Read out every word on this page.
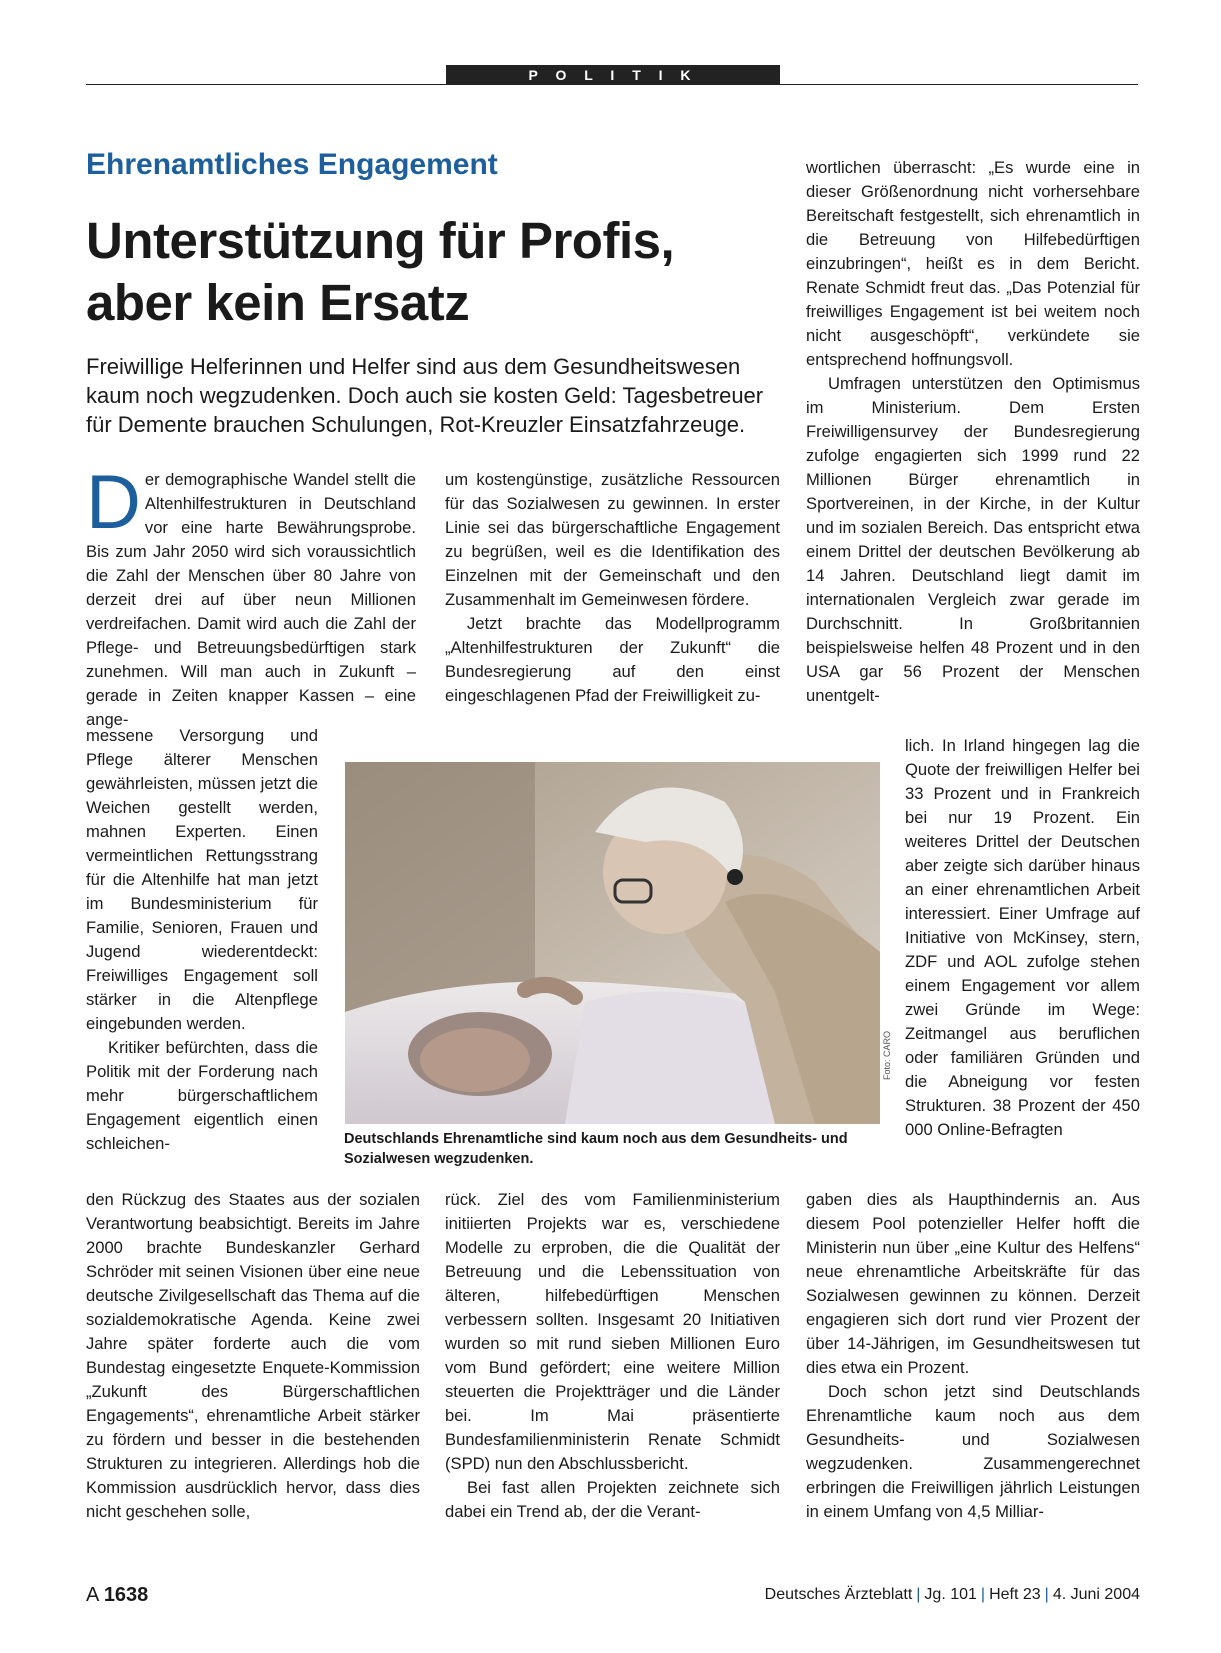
P O L I T I K
Ehrenamtliches Engagement
Unterstützung für Profis,
aber kein Ersatz
Freiwillige Helferinnen und Helfer sind aus dem Gesundheitswesen kaum noch wegzudenken. Doch auch sie kosten Geld: Tagesbetreuer für Demente brauchen Schulungen, Rot-Kreuzler Einsatzfahrzeuge.

Der demographische Wandel stellt die Altenhilfestrukturen in Deutschland vor eine harte Bewährungsprobe. Bis zum Jahr 2050 wird sich voraussichtlich die Zahl der Menschen über 80 Jahre von derzeit drei auf über neun Millionen verdreifachen. Damit wird auch die Zahl der Pflege- und Betreuungsbedürftigen stark zunehmen. Will man auch in Zukunft – gerade in Zeiten knapper Kassen – eine ange-

messene Versorgung und Pflege älterer Menschen gewährleisten, müssen jetzt die Weichen gestellt werden, mahnen Experten. Einen vermeintlichen Rettungsstrang für die Altenhilfe hat man jetzt im Bundesministerium für Familie, Senioren, Frauen und Jugend wiederentdeckt: Freiwilliges Engagement soll stärker in die Altenpflege eingebunden werden.

Kritiker befürchten, dass die Politik mit der Forderung nach mehr bürgerschaftlichem Engagement eigentlich einen schleichen-

den Rückzug des Staates aus der sozialen Verantwortung beabsichtigt. Bereits im Jahre 2000 brachte Bundeskanzler Gerhard Schröder mit seinen Visionen über eine neue deutsche Zivilgesellschaft das Thema auf die sozialdemokratische Agenda. Keine zwei Jahre später forderte auch die vom Bundestag eingesetzte Enquete-Kommission „Zukunft des Bürgerschaftlichen Engagements“, ehrenamtliche Arbeit stärker zu fördern und besser in die bestehenden Strukturen zu integrieren. Allerdings hob die Kommission ausdrücklich hervor, dass dies nicht geschehen solle,

um kostengünstige, zusätzliche Ressourcen für das Sozialwesen zu gewinnen. In erster Linie sei das bürgerschaftliche Engagement zu begrüßen, weil es die Identifikation des Einzelnen mit der Gemeinschaft und den Zusammenhalt im Gemeinwesen fördere.

Jetzt brachte das Modellprogramm „Altenhilfestrukturen der Zukunft“ die Bundesregierung auf den einst eingeschlagenen Pfad der Freiwilligkeit zu-

rück. Ziel des vom Familienministerium initiierten Projekts war es, verschiedene Modelle zu erproben, die die Qualität der Betreuung und die Lebenssituation von älteren, hilfebedürftigen Menschen verbessern sollten. Insgesamt 20 Initiativen wurden so mit rund sieben Millionen Euro vom Bund gefördert; eine weitere Million steuerten die Projektträger und die Länder bei. Im Mai präsentierte Bundesfamilienministerin Renate Schmidt (SPD) nun den Abschlussbericht.

Bei fast allen Projekten zeichnete sich dabei ein Trend ab, der die Verant-

wortlichen überrascht: „Es wurde eine in dieser Größenordnung nicht vorhersehbare Bereitschaft festgestellt, sich ehrenamtlich in die Betreuung von Hilfebedürftigen einzubringen“, heißt es in dem Bericht. Renate Schmidt freut das. „Das Potenzial für freiwilliges Engagement ist bei weitem noch nicht ausgeschöpft“, verkündete sie entsprechend hoffnungsvoll.

Umfragen unterstützen den Optimismus im Ministerium. Dem Ersten Freiwilligensurvey der Bundesregierung zufolge engagierten sich 1999 rund 22 Millionen Bürger ehrenamtlich in Sportvereinen, in der Kirche, in der Kultur und im sozialen Bereich. Das entspricht etwa einem Drittel der deutschen Bevölkerung ab 14 Jahren. Deutschland liegt damit im internationalen Vergleich zwar gerade im Durchschnitt. In Großbritannien beispielsweise helfen 48 Prozent und in den USA gar 56 Prozent der Menschen unentgelt-

lich. In Irland hingegen lag die Quote der freiwilligen Helfer bei 33 Prozent und in Frankreich bei nur 19 Prozent. Ein weiteres Drittel der Deutschen aber zeigte sich darüber hinaus an einer ehrenamtlichen Arbeit interessiert. Einer Umfrage auf Initiative von McKinsey, stern, ZDF und AOL zufolge stehen einem Engagement vor allem zwei Gründe im Wege: Zeitmangel aus beruflichen oder familiären Gründen und die Abneigung vor festen Strukturen. 38 Prozent der 450 000 Online-Befragten

gaben dies als Haupthindernis an. Aus diesem Pool potenzieller Helfer hofft die Ministerin nun über „eine Kultur des Helfens“ neue ehrenamtliche Arbeitskräfte für das Sozialwesen gewinnen zu können. Derzeit engagieren sich dort rund vier Prozent der über 14-Jährigen, im Gesundheitswesen tut dies etwa ein Prozent.

Doch schon jetzt sind Deutschlands Ehrenamtliche kaum noch aus dem Gesundheits- und Sozialwesen wegzudenken. Zusammengerechnet erbringen die Freiwilligen jährlich Leistungen in einem Umfang von 4,5 Milliar-

Foto: CARO
Deutschlands Ehrenamtliche sind kaum noch aus dem Gesundheits- und Sozialwesen wegzudenken.
A 1638	Deutsches Ärzteblatt | Jg. 101 | Heft 23 | 4. Juni 2004
